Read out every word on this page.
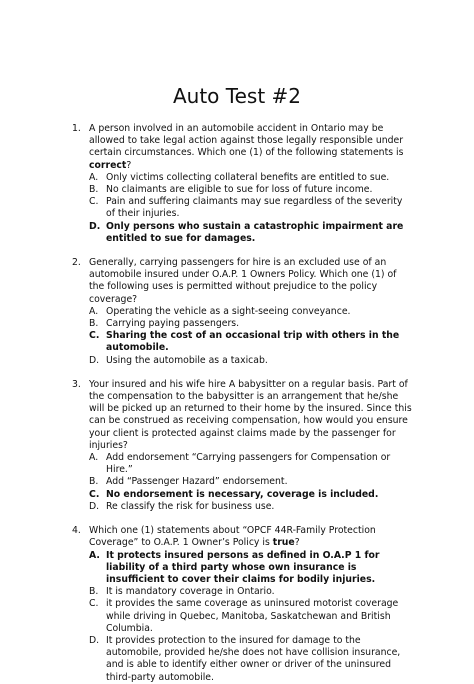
Auto Test #2
1. A person involved in an automobile accident in Ontario may be allowed to take legal action against those legally responsible under certain circumstances. Which one (1) of the following statements is correct?
A. Only victims collecting collateral benefits are entitled to sue.
B. No claimants are eligible to sue for loss of future income.
C. Pain and suffering claimants may sue regardless of the severity of their injuries.
D. Only persons who sustain a catastrophic impairment are entitled to sue for damages.
2. Generally, carrying passengers for hire is an excluded use of an automobile insured under O.A.P. 1 Owners Policy. Which one (1) of the following uses is permitted without prejudice to the policy coverage?
A. Operating the vehicle as a sight-seeing conveyance.
B. Carrying paying passengers.
C. Sharing the cost of an occasional trip with others in the automobile.
D. Using the automobile as a taxicab.
3. Your insured and his wife hire A babysitter on a regular basis. Part of the compensation to the babysitter is an arrangement that he/she will be picked up an returned to their home by the insured. Since this can be construed as receiving compensation, how would you ensure your client is protected against claims made by the passenger for injuries?
A. Add endorsement “Carrying passengers for Compensation or Hire.”
B. Add “Passenger Hazard” endorsement.
C. No endorsement is necessary, coverage is included.
D. Re classify the risk for business use.
4. Which one (1) statements about “OPCF 44R-Family Protection Coverage” to O.A.P. 1 Owner’s Policy is true?
A. It protects insured persons as defined in O.A.P 1 for liability of a third party whose own insurance is insufficient to cover their claims for bodily injuries.
B. It is mandatory coverage in Ontario.
C. it provides the same coverage as uninsured motorist coverage while driving in Quebec, Manitoba, Saskatchewan and British Columbia.
D. It provides protection to the insured for damage to the automobile, provided he/she does not have collision insurance, and is able to identify either owner or driver of the uninsured third-party automobile.
